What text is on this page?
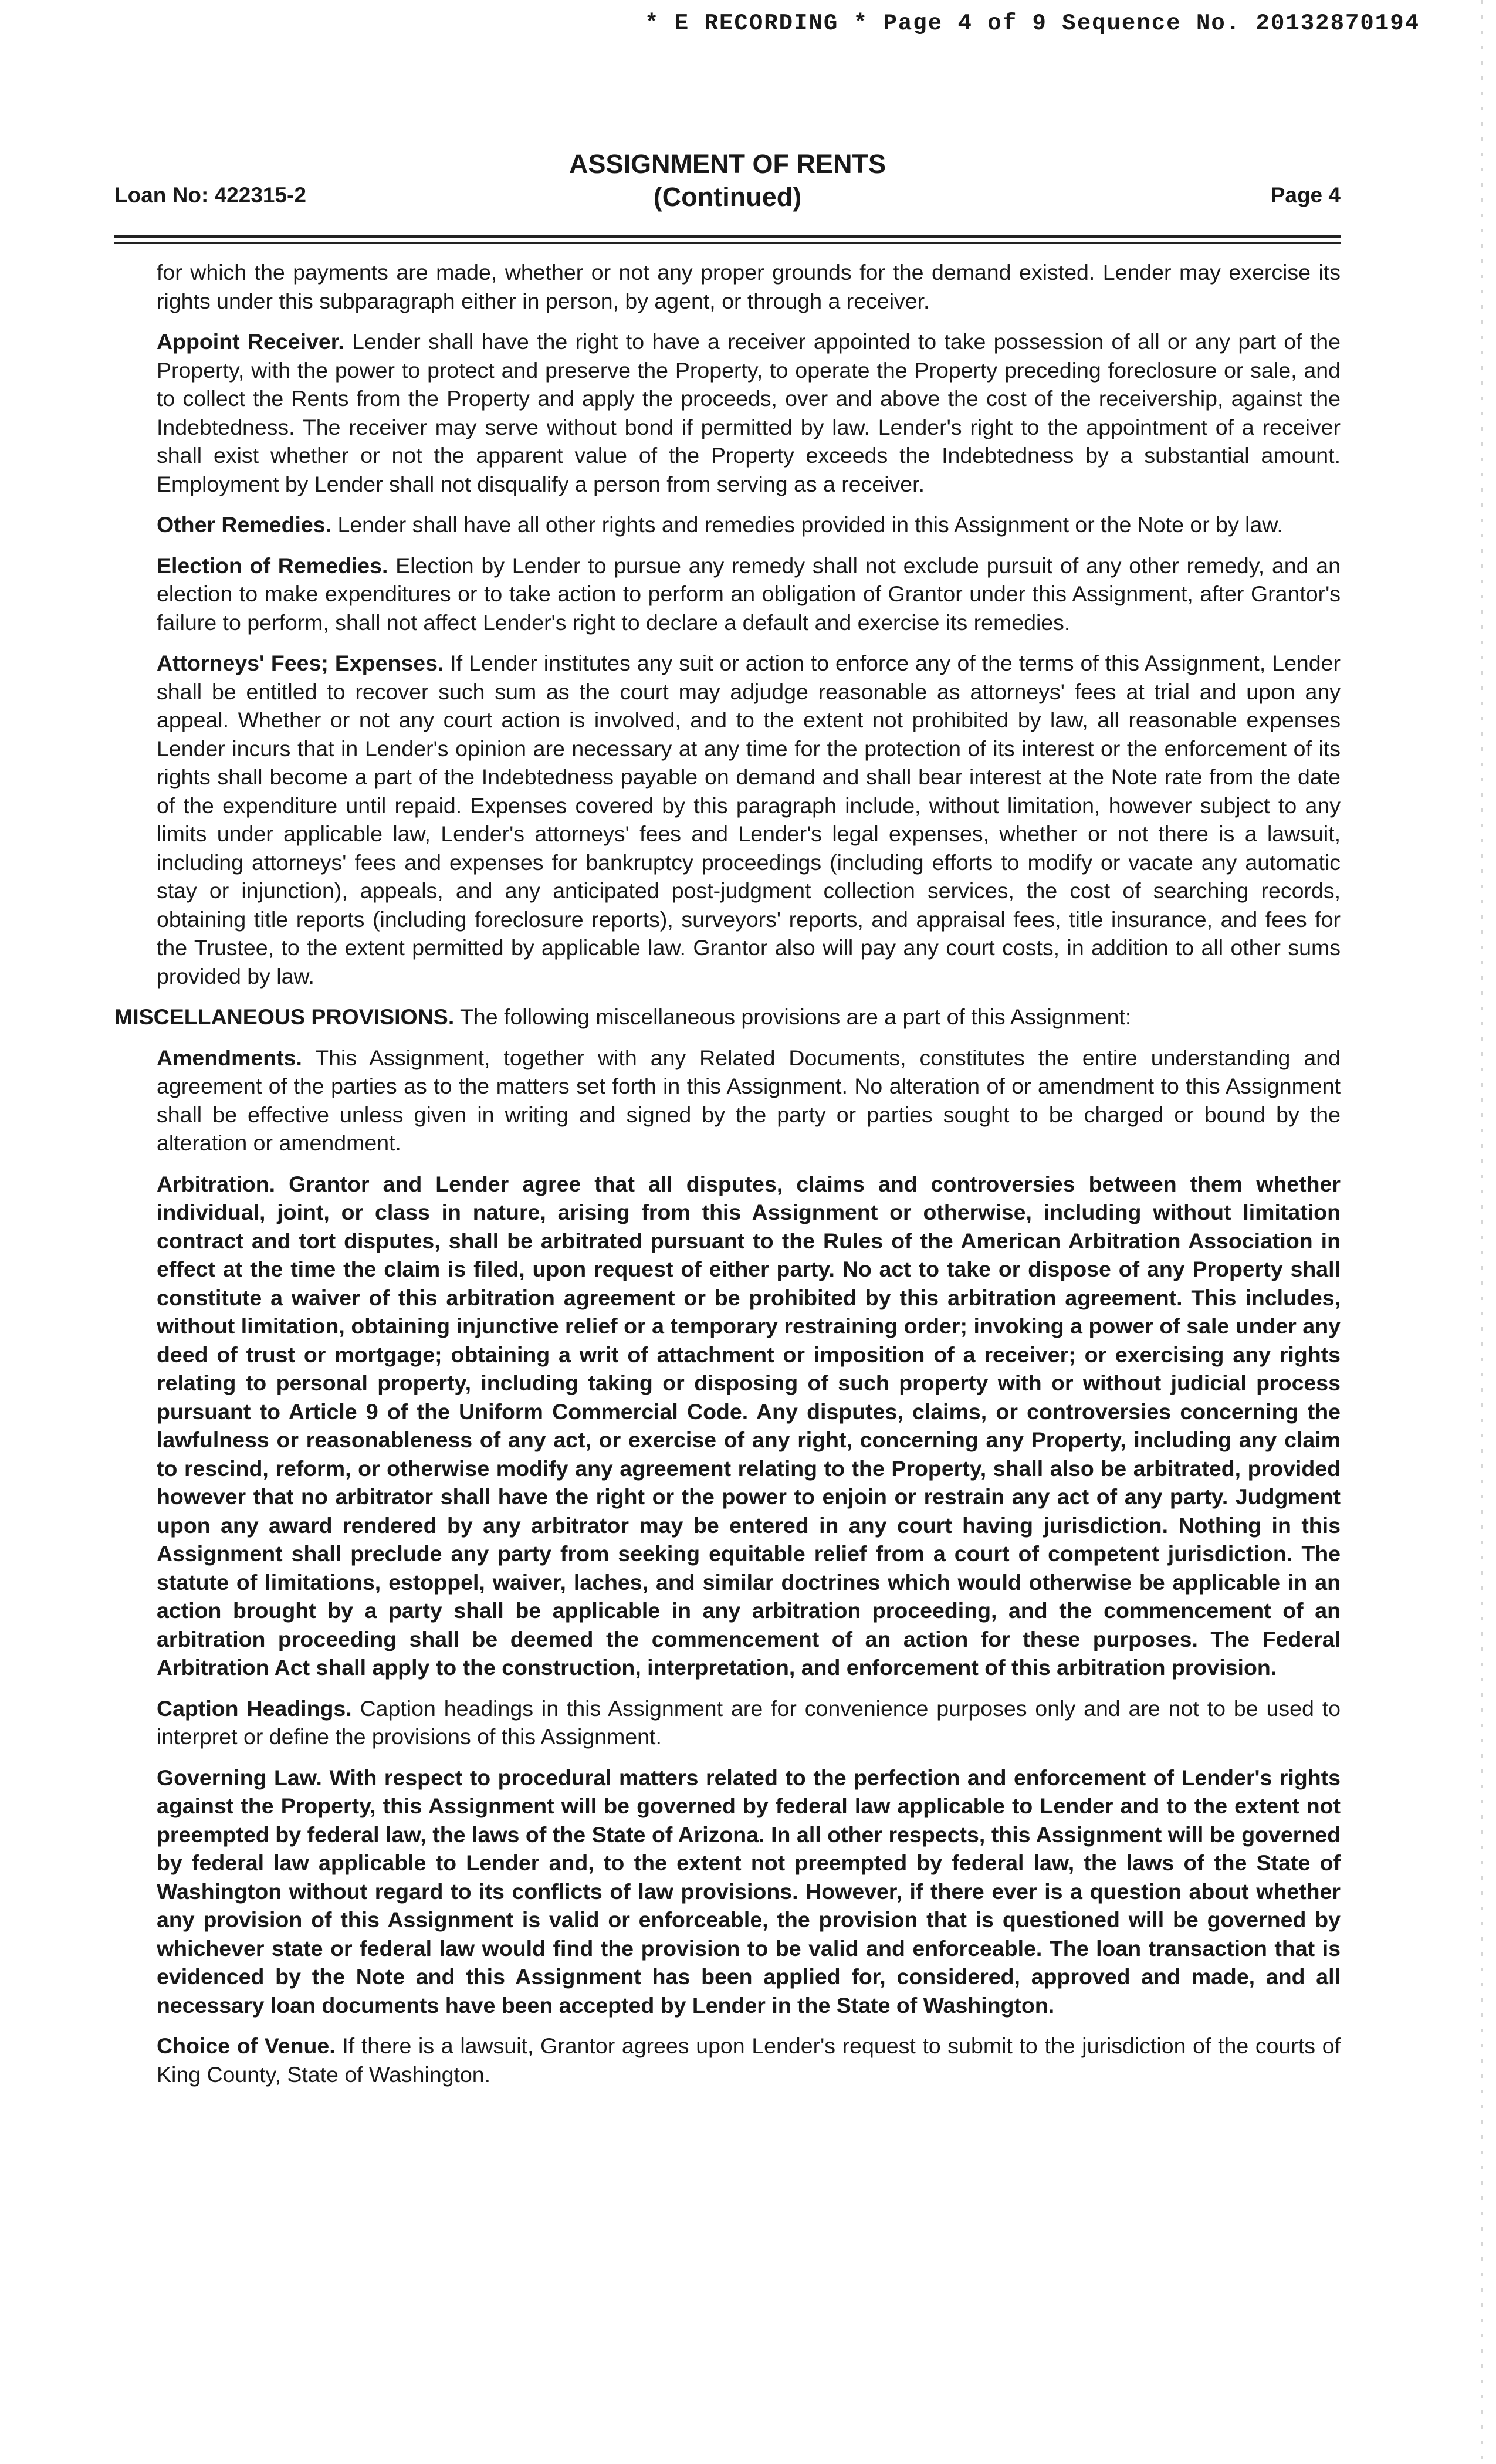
* E RECORDING * Page 4 of 9 Sequence No. 20132870194
ASSIGNMENT OF RENTS
(Continued)
Loan No: 422315-2	Page 4

for which the payments are made, whether or not any proper grounds for the demand existed. Lender may exercise its rights under this subparagraph either in person, by agent, or through a receiver.

Appoint Receiver. Lender shall have the right to have a receiver appointed to take possession of all or any part of the Property, with the power to protect and preserve the Property, to operate the Property preceding foreclosure or sale, and to collect the Rents from the Property and apply the proceeds, over and above the cost of the receivership, against the Indebtedness. The receiver may serve without bond if permitted by law. Lender's right to the appointment of a receiver shall exist whether or not the apparent value of the Property exceeds the Indebtedness by a substantial amount. Employment by Lender shall not disqualify a person from serving as a receiver.

Other Remedies. Lender shall have all other rights and remedies provided in this Assignment or the Note or by law.

Election of Remedies. Election by Lender to pursue any remedy shall not exclude pursuit of any other remedy, and an election to make expenditures or to take action to perform an obligation of Grantor under this Assignment, after Grantor's failure to perform, shall not affect Lender's right to declare a default and exercise its remedies.

Attorneys' Fees; Expenses. If Lender institutes any suit or action to enforce any of the terms of this Assignment, Lender shall be entitled to recover such sum as the court may adjudge reasonable as attorneys' fees at trial and upon any appeal. Whether or not any court action is involved, and to the extent not prohibited by law, all reasonable expenses Lender incurs that in Lender's opinion are necessary at any time for the protection of its interest or the enforcement of its rights shall become a part of the Indebtedness payable on demand and shall bear interest at the Note rate from the date of the expenditure until repaid. Expenses covered by this paragraph include, without limitation, however subject to any limits under applicable law, Lender's attorneys' fees and Lender's legal expenses, whether or not there is a lawsuit, including attorneys' fees and expenses for bankruptcy proceedings (including efforts to modify or vacate any automatic stay or injunction), appeals, and any anticipated post-judgment collection services, the cost of searching records, obtaining title reports (including foreclosure reports), surveyors' reports, and appraisal fees, title insurance, and fees for the Trustee, to the extent permitted by applicable law. Grantor also will pay any court costs, in addition to all other sums provided by law.

MISCELLANEOUS PROVISIONS. The following miscellaneous provisions are a part of this Assignment:

Amendments. This Assignment, together with any Related Documents, constitutes the entire understanding and agreement of the parties as to the matters set forth in this Assignment. No alteration of or amendment to this Assignment shall be effective unless given in writing and signed by the party or parties sought to be charged or bound by the alteration or amendment.

Arbitration. Grantor and Lender agree that all disputes, claims and controversies between them whether individual, joint, or class in nature, arising from this Assignment or otherwise, including without limitation contract and tort disputes, shall be arbitrated pursuant to the Rules of the American Arbitration Association in effect at the time the claim is filed, upon request of either party. No act to take or dispose of any Property shall constitute a waiver of this arbitration agreement or be prohibited by this arbitration agreement. This includes, without limitation, obtaining injunctive relief or a temporary restraining order; invoking a power of sale under any deed of trust or mortgage; obtaining a writ of attachment or imposition of a receiver; or exercising any rights relating to personal property, including taking or disposing of such property with or without judicial process pursuant to Article 9 of the Uniform Commercial Code. Any disputes, claims, or controversies concerning the lawfulness or reasonableness of any act, or exercise of any right, concerning any Property, including any claim to rescind, reform, or otherwise modify any agreement relating to the Property, shall also be arbitrated, provided however that no arbitrator shall have the right or the power to enjoin or restrain any act of any party. Judgment upon any award rendered by any arbitrator may be entered in any court having jurisdiction. Nothing in this Assignment shall preclude any party from seeking equitable relief from a court of competent jurisdiction. The statute of limitations, estoppel, waiver, laches, and similar doctrines which would otherwise be applicable in an action brought by a party shall be applicable in any arbitration proceeding, and the commencement of an arbitration proceeding shall be deemed the commencement of an action for these purposes. The Federal Arbitration Act shall apply to the construction, interpretation, and enforcement of this arbitration provision.

Caption Headings. Caption headings in this Assignment are for convenience purposes only and are not to be used to interpret or define the provisions of this Assignment.

Governing Law. With respect to procedural matters related to the perfection and enforcement of Lender's rights against the Property, this Assignment will be governed by federal law applicable to Lender and to the extent not preempted by federal law, the laws of the State of Arizona. In all other respects, this Assignment will be governed by federal law applicable to Lender and, to the extent not preempted by federal law, the laws of the State of Washington without regard to its conflicts of law provisions. However, if there ever is a question about whether any provision of this Assignment is valid or enforceable, the provision that is questioned will be governed by whichever state or federal law would find the provision to be valid and enforceable. The loan transaction that is evidenced by the Note and this Assignment has been applied for, considered, approved and made, and all necessary loan documents have been accepted by Lender in the State of Washington.

Choice of Venue. If there is a lawsuit, Grantor agrees upon Lender's request to submit to the jurisdiction of the courts of King County, State of Washington.
